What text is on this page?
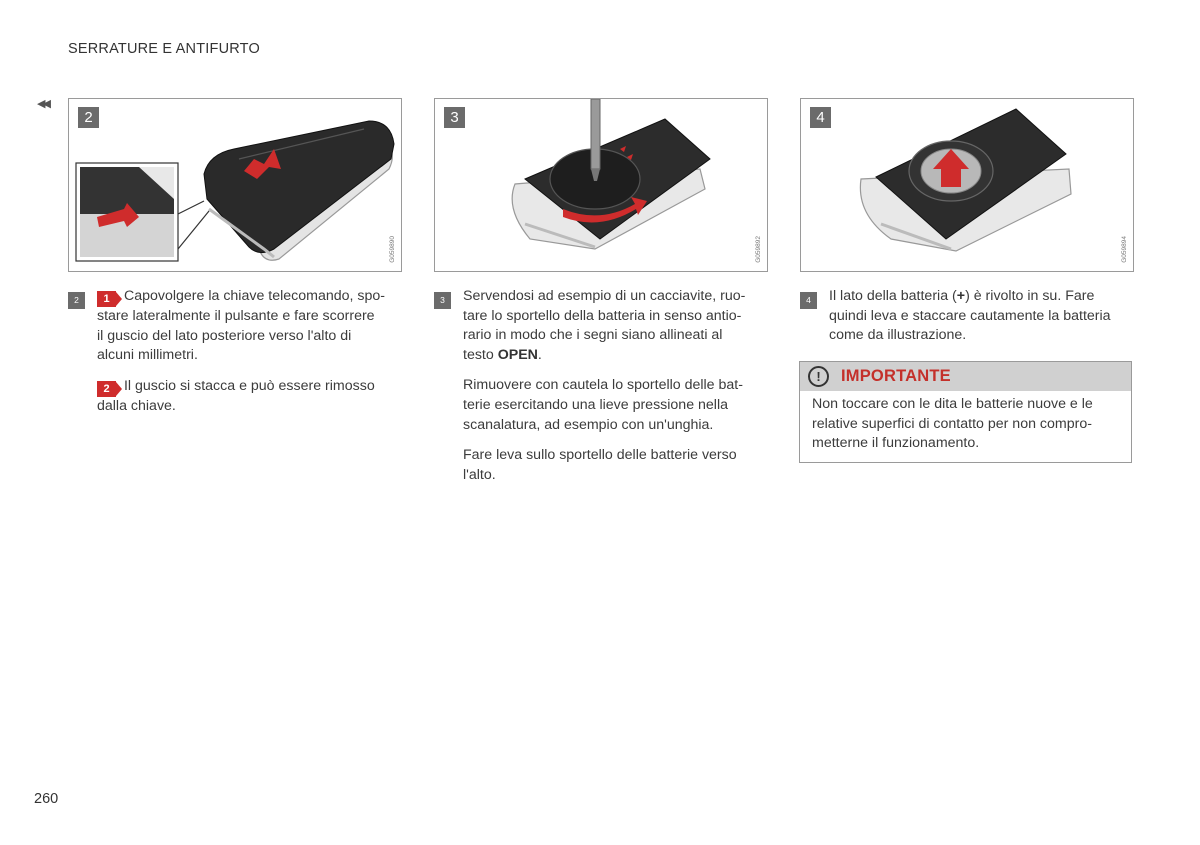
SERRATURE E ANTIFURTO
◀◀
2
G059890
3
G059892
4
G059894
2	1 Capovolgere la chiave telecomando, spo-
stare lateralmente il pulsante e fare scorrere
il guscio del lato posteriore verso l'alto di
alcuni millimetri.

2 Il guscio si stacca e può essere rimosso
dalla chiave.

3	Servendosi ad esempio di un cacciavite, ruo-
tare lo sportello della batteria in senso antio-
rario in modo che i segni siano allineati al
testo OPEN.

Rimuovere con cautela lo sportello delle bat-
terie esercitando una lieve pressione nella
scanalatura, ad esempio con un'unghia.

Fare leva sullo sportello delle batterie verso
l'alto.

4	Il lato della batteria (+) è rivolto in su. Fare
quindi leva e staccare cautamente la batteria
come da illustrazione.

!	IMPORTANTE
Non toccare con le dita le batterie nuove e le
relative superfici di contatto per non compro-
metterne il funzionamento.
260
